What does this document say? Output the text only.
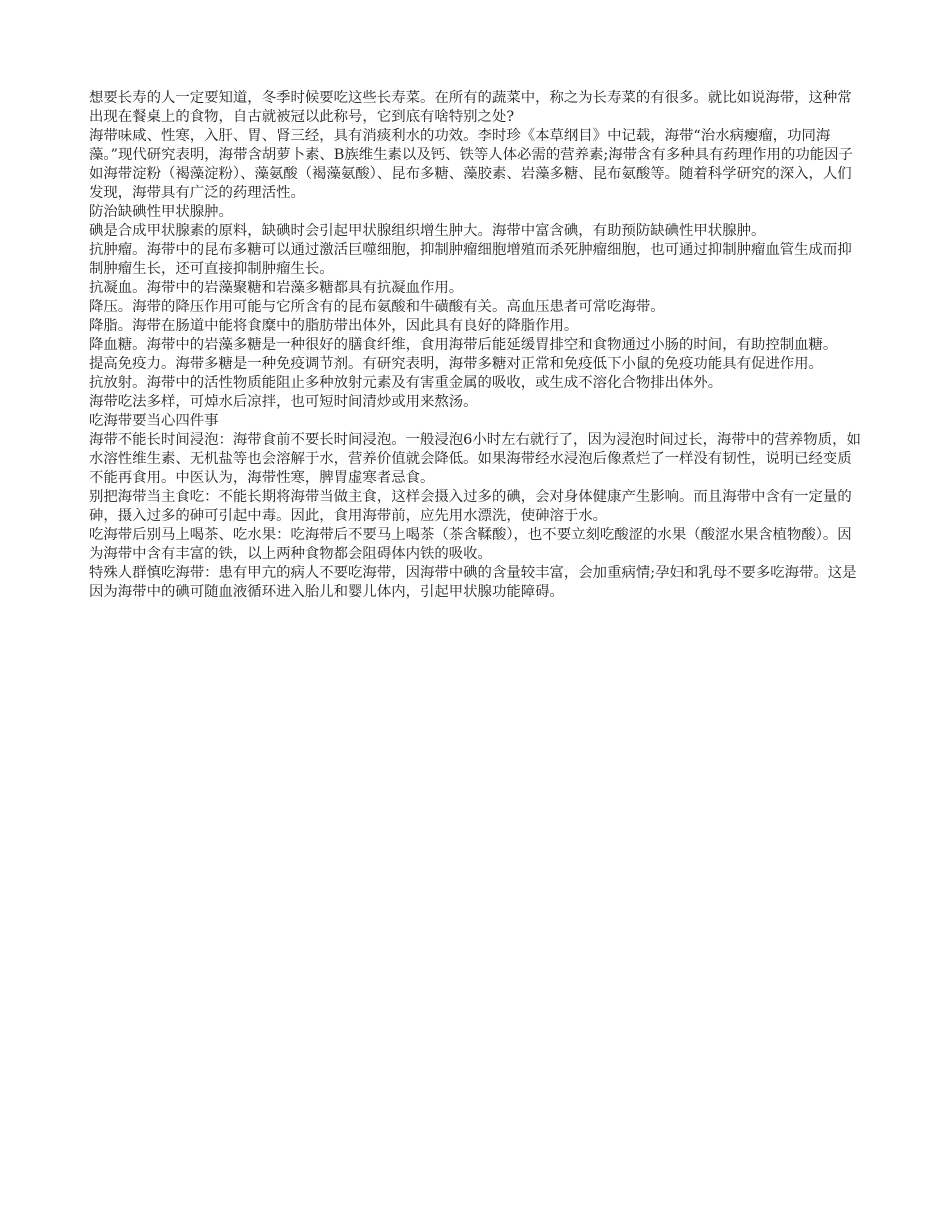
想要长寿的人一定要知道，冬季时候要吃这些长寿菜。在所有的蔬菜中，称之为长寿菜的有很多。就比如说海带，这种常出现在餐桌上的食物，自古就被冠以此称号，它到底有啥特别之处?

海带味咸、性寒，入肝、胃、肾三经，具有消痰利水的功效。李时珍《本草纲目》中记载，海带“治水病瘿瘤，功同海藻。”现代研究表明，海带含胡萝卜素、B族维生素以及钙、铁等人体必需的营养素;海带含有多种具有药理作用的功能因子如海带淀粉（褐藻淀粉）、藻氨酸（褐藻氨酸）、昆布多糖、藻胶素、岩藻多糖、昆布氨酸等。随着科学研究的深入，人们发现，海带具有广泛的药理活性。

防治缺碘性甲状腺肿。

碘是合成甲状腺素的原料，缺碘时会引起甲状腺组织增生肿大。海带中富含碘，有助预防缺碘性甲状腺肿。

抗肿瘤。海带中的昆布多糖可以通过激活巨噬细胞，抑制肿瘤细胞增殖而杀死肿瘤细胞，也可通过抑制肿瘤血管生成而抑制肿瘤生长，还可直接抑制肿瘤生长。

抗凝血。海带中的岩藻聚糖和岩藻多糖都具有抗凝血作用。

降压。海带的降压作用可能与它所含有的昆布氨酸和牛磺酸有关。高血压患者可常吃海带。

降脂。海带在肠道中能将食糜中的脂肪带出体外，因此具有良好的降脂作用。

降血糖。海带中的岩藻多糖是一种很好的膳食纤维，食用海带后能延缓胃排空和食物通过小肠的时间，有助控制血糖。

提高免疫力。海带多糖是一种免疫调节剂。有研究表明，海带多糖对正常和免疫低下小鼠的免疫功能具有促进作用。

抗放射。海带中的活性物质能阻止多种放射元素及有害重金属的吸收，或生成不溶化合物排出体外。

海带吃法多样，可焯水后凉拌，也可短时间清炒或用来熬汤。

吃海带要当心四件事

海带不能长时间浸泡：海带食前不要长时间浸泡。一般浸泡6小时左右就行了，因为浸泡时间过长，海带中的营养物质，如水溶性维生素、无机盐等也会溶解于水，营养价值就会降低。如果海带经水浸泡后像煮烂了一样没有韧性，说明已经变质不能再食用。中医认为，海带性寒，脾胃虚寒者忌食。

别把海带当主食吃：不能长期将海带当做主食，这样会摄入过多的碘，会对身体健康产生影响。而且海带中含有一定量的砷，摄入过多的砷可引起中毒。因此，食用海带前，应先用水漂洗，使砷溶于水。

吃海带后别马上喝茶、吃水果：吃海带后不要马上喝茶（茶含鞣酸），也不要立刻吃酸涩的水果（酸涩水果含植物酸）。因为海带中含有丰富的铁，以上两种食物都会阻碍体内铁的吸收。

特殊人群慎吃海带：患有甲亢的病人不要吃海带，因海带中碘的含量较丰富，会加重病情;孕妇和乳母不要多吃海带。这是因为海带中的碘可随血液循环进入胎儿和婴儿体内，引起甲状腺功能障碍。
